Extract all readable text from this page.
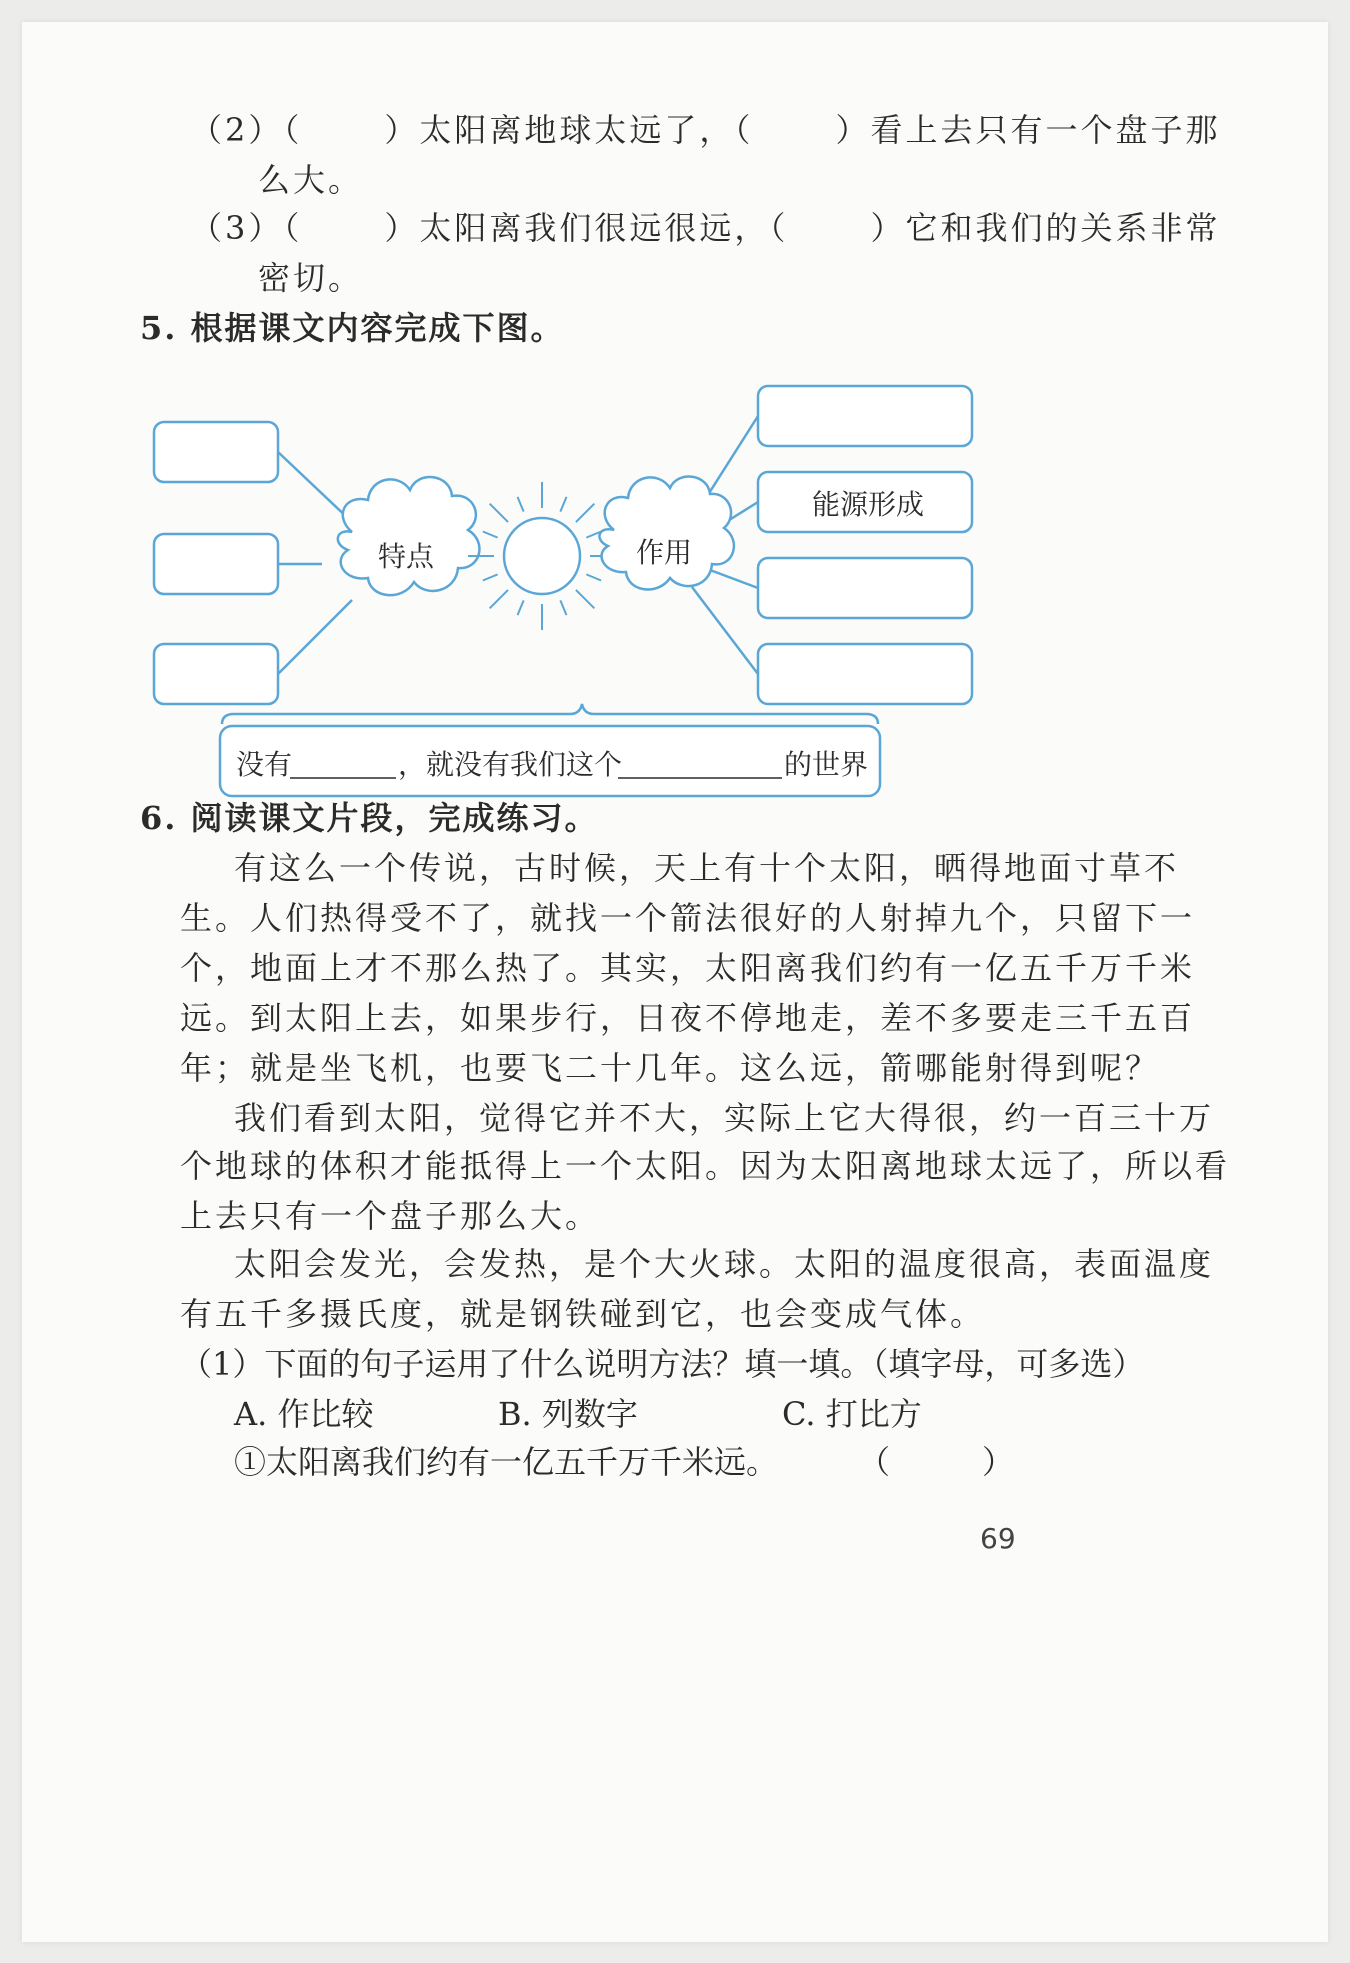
（2）（	）太阳离地球太远了，（	）看上去只有一个盘子那
么大。
（3）（	）太阳离我们很远很远，（	）它和我们的关系非常
密切。
5. 根据课文内容完成下图。
特点	作用
能源形成
没有	，就没有我们这个	的世界
6. 阅读课文片段，完成练习。
有这么一个传说，古时候，天上有十个太阳，晒得地面寸草不
生。人们热得受不了，就找一个箭法很好的人射掉九个，只留下一
个，地面上才不那么热了。其实，太阳离我们约有一亿五千万千米
远。到太阳上去，如果步行，日夜不停地走，差不多要走三千五百
年；就是坐飞机，也要飞二十几年。这么远，箭哪能射得到呢？
我们看到太阳，觉得它并不大，实际上它大得很，约一百三十万
个地球的体积才能抵得上一个太阳。因为太阳离地球太远了，所以看
上去只有一个盘子那么大。
太阳会发光，会发热，是个大火球。太阳的温度很高，表面温度
有五千多摄氏度，就是钢铁碰到它，也会变成气体。
（1）下面的句子运用了什么说明方法？填一填。（填字母，可多选）
A. 作比较	B. 列数字	C. 打比方
①太阳离我们约有一亿五千万千米远。 （	）
69
